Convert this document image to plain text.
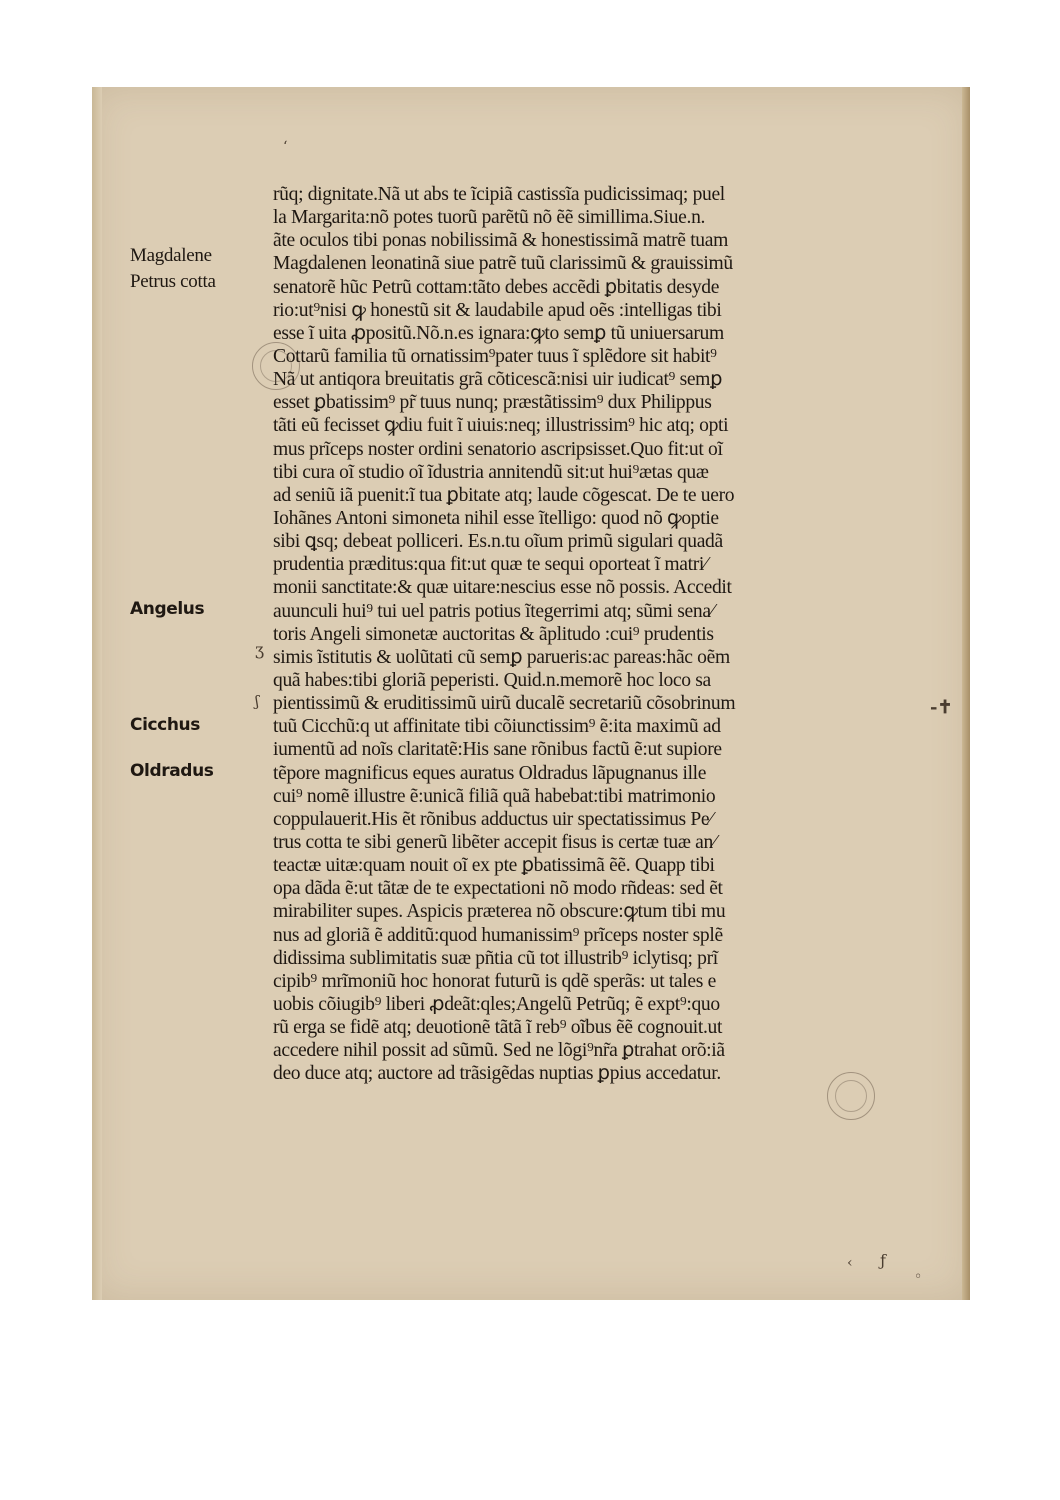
‘
rũq; dignitate.Nã ut abs te ĩcipiã castissĩa pudicissimaq; puel
la Margarita:nõ potes tuorũ parẽtũ nõ ẽẽ simillima.Siue.n.
ãte oculos tibi ponas nobilissimã & honestissimã matrẽ tuam
Magdalenen leonatinã siue patrẽ tuũ clarissimũ & grauissimũ
senatorẽ hũc Petrũ cottam:tãto debes accẽdi ꝑbitatis desyde
rio:ut⁹nisi ꝙ honestũ sit & laudabile apud oẽs :intelligas tibi
esse ĩ uita ꝓpositũ.Nõ.n.es ignara:ꝙto semꝑ tũ uniuersarum
Cottarũ familia tũ ornatissim⁹pater tuus ĩ splẽdore sit habit⁹
Nã ut antiqora breuitatis grã cõticescã:nisi uir iudicat⁹ semꝑ
esset ꝑbatissim⁹ pr̃ tuus nunq; præstãtissim⁹ dux Philippus
tãti eũ fecisset ꝙdiu fuit ĩ uiuis:neq; illustrissim⁹ hic atq; opti
mus prĩceps noster ordini senatorio ascripsisset.Quo fit:ut oĩ
tibi cura oĩ studio oĩ ĩdustria annitendũ sit:ut hui⁹ætas quæ
ad seniũ iã puenit:ĩ tua ꝑbitate atq; laude cõgescat. De te uero
Iohãnes Antoni simoneta nihil esse ĩtelligo: quod nõ ꝙoptie
sibi ꝗsq; debeat polliceri. Es.n.tu oĩum primũ sigulari quadã
prudentia præditus:qua fit:ut quæ te sequi oporteat ĩ matri⁄
monii sanctitate:& quæ uitare:nescius esse nõ possis. Accedit
auunculi hui⁹ tui uel patris potius ĩtegerrimi atq; sũmi sena⁄
toris Angeli simonetæ auctoritas & ãplitudo :cui⁹ prudentis
simis ĩstitutis & uolũtati cũ semꝑ parueris:ac pareas:hãc oẽm
quã habes:tibi gloriã peperisti. Quid.n.memorẽ hoc loco sa
pientissimũ & eruditissimũ uirũ ducalẽ secretariũ cõsobrinum
tuũ Cicchũ:q ut affinitate tibi cõiunctissim⁹ ẽ:ita maximũ ad
iumentũ ad noĩs claritatẽ:His sane rõnibus factũ ẽ:ut supiore
tẽpore magnificus eques auratus Oldradus lãpugnanus ille
cui⁹ nomẽ illustre ẽ:unicã filiã quã habebat:tibi matrimonio
coppulauerit.His ẽt rõnibus adductus uir spectatissimus Pe⁄
trus cotta te sibi generũ libẽter accepit fisus is certæ tuæ an⁄
teactæ uitæ:quam nouit oĩ ex pte ꝑbatissimã ẽẽ. Quapp tibi
opa dãda ẽ:ut tãtæ de te expectationi nõ modo rñdeas: sed ẽt
mirabiliter supes. Aspicis præterea nõ obscure:ꝙtum tibi mu
nus ad gloriã ẽ additũ:quod humanissim⁹ prĩceps noster splẽ
didissima sublimitatis suæ pñtia cũ tot illustrib⁹ iclytisq; prĩ
cipib⁹ mrĩmoniũ hoc honorat futurũ is qdẽ sperãs: ut tales e
uobis cõiugib⁹ liberi ꝓdeãt:qles;Angelũ Petrũq; ẽ expt⁹:quo
rũ erga se fidẽ atq; deuotionẽ tãtã ĩ reb⁹ oĩbus ẽẽ cognouit.ut
accedere nihil possit ad sũmũ. Sed ne lõgi⁹nr̃a ꝑtrahat orõ:iã
deo duce atq; auctore ad trãsigẽdas nuptias ꝑpius accedatur.
Magdalene
Petrus cotta
Angelus
Cicchus
Oldradus
ʒ
ʃ	-✝
‹ ƒ
◦
